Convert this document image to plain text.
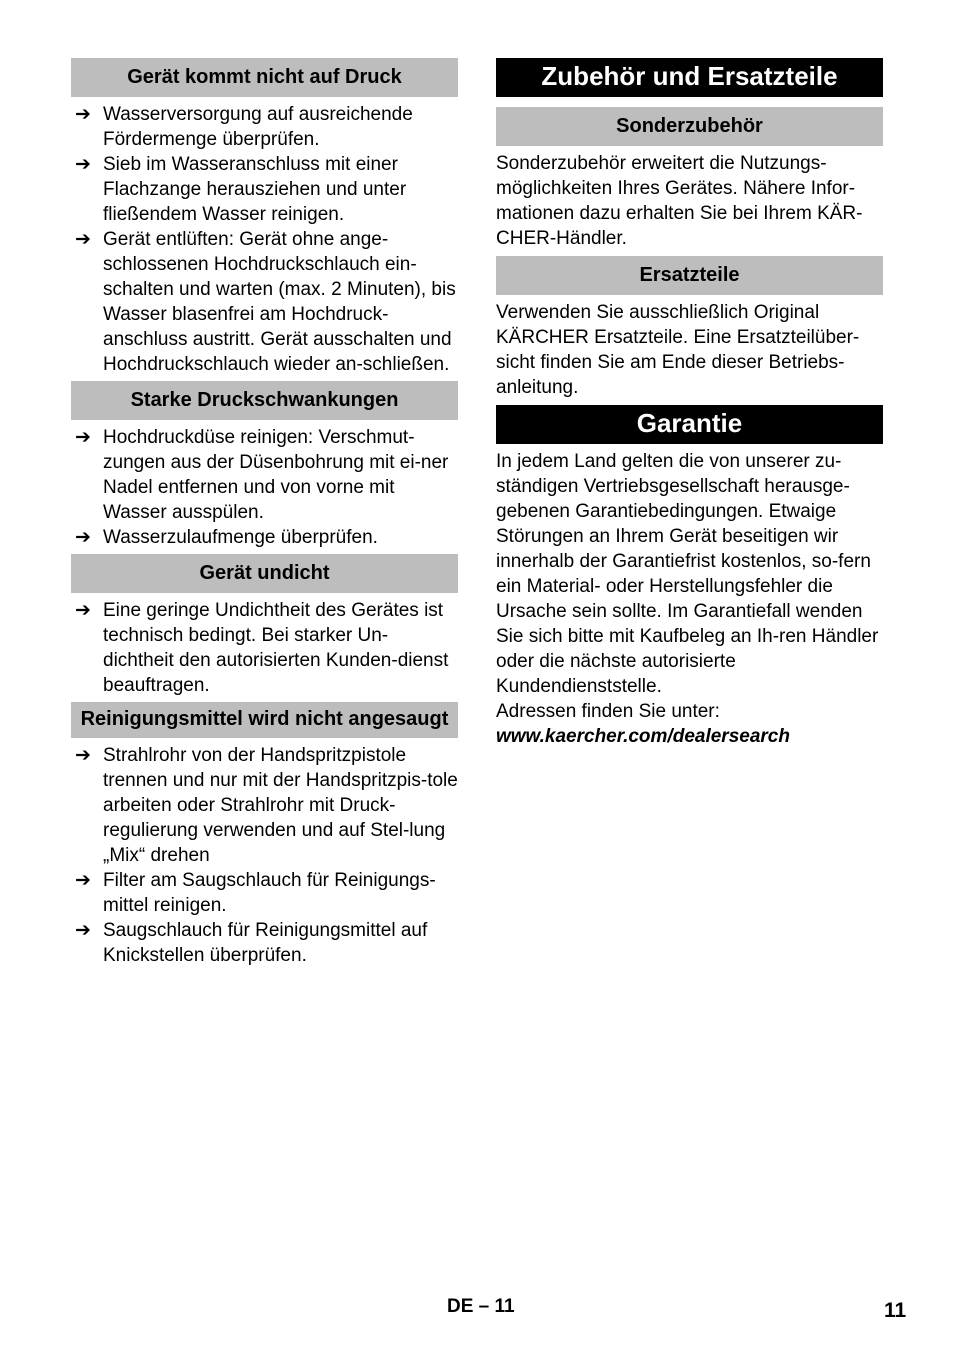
Gerät kommt nicht auf Druck
➔ Wasserversorgung auf ausreichende Fördermenge überprüfen.
➔ Sieb im Wasseranschluss mit einer Flachzange herausziehen und unter fließendem Wasser reinigen.
➔ Gerät entlüften: Gerät ohne ange-schlossenen Hochdruckschlauch ein-schalten und warten (max. 2 Minuten), bis Wasser blasenfrei am Hochdruck-anschluss austritt. Gerät ausschalten und Hochdruckschlauch wieder an-schließen.
Starke Druckschwankungen
➔ Hochdruckdüse reinigen: Verschmut-zungen aus der Düsenbohrung mit ei-ner Nadel entfernen und von vorne mit Wasser ausspülen.
➔ Wasserzulaufmenge überprüfen.
Gerät undicht
➔ Eine geringe Undichtheit des Gerätes ist technisch bedingt. Bei starker Un-dichtheit den autorisierten Kunden-dienst beauftragen.
Reinigungsmittel wird nicht angesaugt
➔ Strahlrohr von der Handspritzpistole trennen und nur mit der Handspritzpis-tole arbeiten oder Strahlrohr mit Druck-regulierung verwenden und auf Stel-lung „Mix“ drehen
➔ Filter am Saugschlauch für Reinigungs-mittel reinigen.
➔ Saugschlauch für Reinigungsmittel auf Knickstellen überprüfen.
Zubehör und Ersatzteile
Sonderzubehör

Sonderzubehör erweitert die Nutzungs-möglichkeiten Ihres Gerätes. Nähere Infor-mationen dazu erhalten Sie bei Ihrem KÄR-CHER-Händler.

Ersatzteile

Verwenden Sie ausschließlich Original KÄRCHER Ersatzteile. Eine Ersatzteilüber-sicht finden Sie am Ende dieser Betriebs-anleitung.

Garantie

In jedem Land gelten die von unserer zu-ständigen Vertriebsgesellschaft herausge-gebenen Garantiebedingungen. Etwaige Störungen an Ihrem Gerät beseitigen wir innerhalb der Garantiefrist kostenlos, so-fern ein Material- oder Herstellungsfehler die Ursache sein sollte. Im Garantiefall wenden Sie sich bitte mit Kaufbeleg an Ih-ren Händler oder die nächste autorisierte Kundendienststelle.
Adressen finden Sie unter:
www.kaercher.com/dealersearch

DE – 11	11
